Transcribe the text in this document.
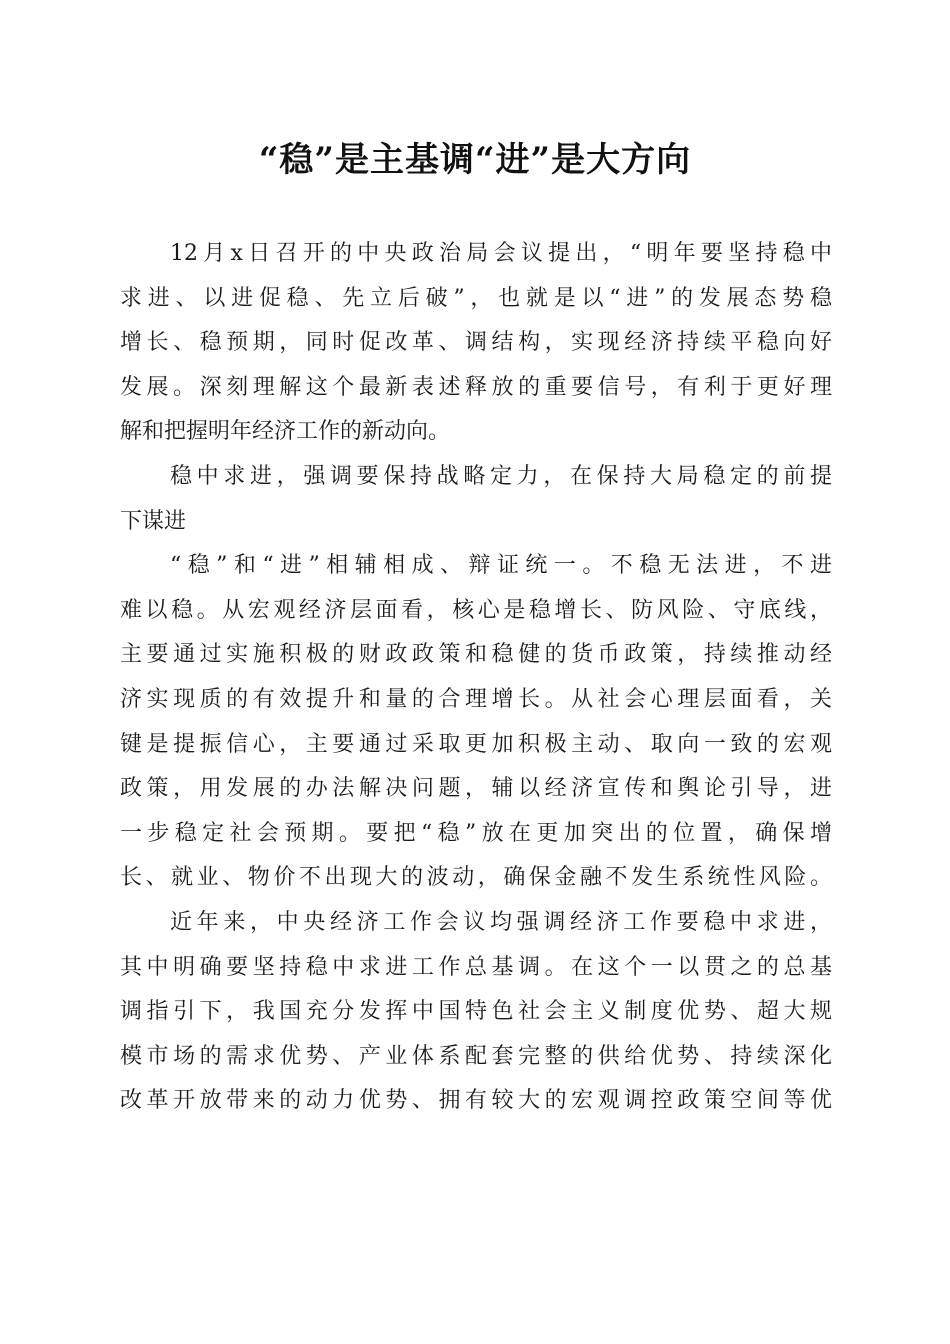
“稳”是主基调“进”是大方向
12月x日召开的中央政治局会议提出，“明年要坚持稳中
求进、以进促稳、先立后破”，也就是以“进”的发展态势稳
增长、稳预期，同时促改革、调结构，实现经济持续平稳向好
发展。深刻理解这个最新表述释放的重要信号，有利于更好理
解和把握明年经济工作的新动向。
稳中求进，强调要保持战略定力，在保持大局稳定的前提
下谋进
“稳”和“进”相辅相成、辩证统一。不稳无法进，不进
难以稳。从宏观经济层面看，核心是稳增长、防风险、守底线，
主要通过实施积极的财政政策和稳健的货币政策，持续推动经
济实现质的有效提升和量的合理增长。从社会心理层面看，关
键是提振信心，主要通过采取更加积极主动、取向一致的宏观
政策，用发展的办法解决问题，辅以经济宣传和舆论引导，进
一步稳定社会预期。要把“稳”放在更加突出的位置，确保增
长、就业、物价不出现大的波动，确保金融不发生系统性风险。
近年来，中央经济工作会议均强调经济工作要稳中求进，
其中明确要坚持稳中求进工作总基调。在这个一以贯之的总基
调指引下，我国充分发挥中国特色社会主义制度优势、超大规
模市场的需求优势、产业体系配套完整的供给优势、持续深化
改革开放带来的动力优势、拥有较大的宏观调控政策空间等优
